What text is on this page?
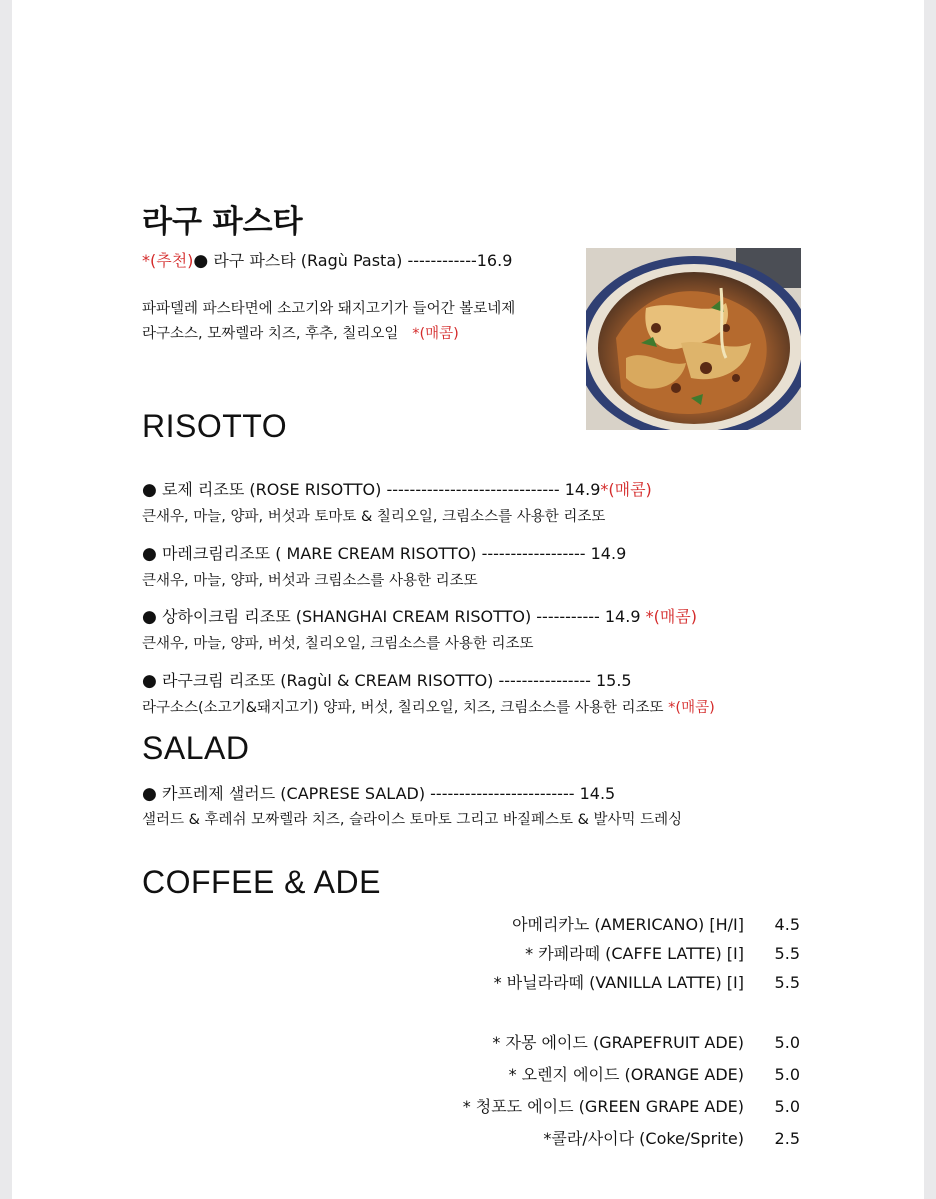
라구 파스타
*(추천)● 라구 파스타 (Ragù Pasta) ------------16.9
파파델레 파스타면에 소고기와 돼지고기가 들어간 볼로네제
라구소스, 모짜렐라 치즈, 후추, 칠리오일 *(매콤)
RISOTTO
● 로제 리조또 (ROSE RISOTTO) ------------------------------ 14.9*(매콤)
큰새우, 마늘, 양파, 버섯과 토마토 & 칠리오일, 크림소스를 사용한 리조또
● 마레크림리조또 ( MARE CREAM RISOTTO) ------------------ 14.9
큰새우, 마늘, 양파, 버섯과 크림소스를 사용한 리조또
● 상하이크림 리조또 (SHANGHAI CREAM RISOTTO) ----------- 14.9 *(매콤)
큰새우, 마늘, 양파, 버섯, 칠리오일, 크림소스를 사용한 리조또
● 라구크림 리조또 (Ragùl & CREAM RISOTTO) ---------------- 15.5
라구소스(소고기&돼지고기) 양파, 버섯, 칠리오일, 치즈, 크림소스를 사용한 리조또 *(매콤)
SALAD
● 카프레제 샐러드 (CAPRESE SALAD) ------------------------- 14.5
샐러드 & 후레쉬 모짜렐라 치즈, 슬라이스 토마토 그리고 바질페스토 & 발사믹 드레싱
COFFEE & ADE
아메리카노 (AMERICANO) [H/I] 4.5
* 카페라떼 (CAFFE LATTE) [I] 5.5
* 바닐라라떼 (VANILLA LATTE) [I] 5.5
* 자몽 에이드 (GRAPEFRUIT ADE) 5.0
* 오렌지 에이드 (ORANGE ADE) 5.0
* 청포도 에이드 (GREEN GRAPE ADE) 5.0
*콜라/사이다 (Coke/Sprite) 2.5
